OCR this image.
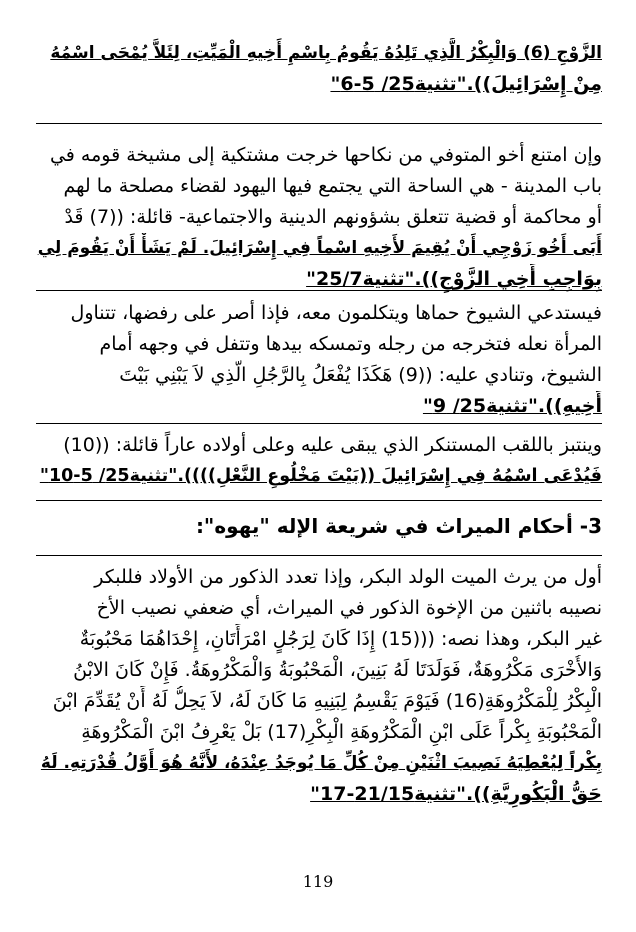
الزَّوْجِ (6) وَالْبِكْرُ الَّذِي تَلِدُهُ يَقُومُ بِاسْمِ أَخِيهِ الْمَيِّتِ، لِئَلاَّ يُمْحَى اسْمُهُ
مِنْ إِسْرَائِيلَ))."تثنية25/ 5-6"
وإن امتنع أخو المتوفي من نكاحها خرجت مشتكية إلى مشيخة قومه في
باب المدينة - هي الساحة التي يجتمع فيها اليهود لقضاء مصلحة ما لهم
أو محاكمة أو قضية تتعلق بشؤونهم الدينية والاجتماعية- قائلة: ((7) قَدْ
أَبَى أَخُو زَوْجِي أَنْ يُقِيمَ لأَخِيهِ اسْماً فِي إِسْرَائِيلَ. لَمْ يَشَأْ أَنْ يَقُومَ لِي
بِوَاجِبِ أَخِي الزَّوْجِ))."تثنية25/7"
فيستدعي الشيوخ حماها ويتكلمون معه، فإذا أصر على رفضها، تتناول
المرأة نعله فتخرجه من رجله وتمسكه بيدها وتتفل في وجهه أمام
الشيوخ، وتنادي عليه: ((9) هَكَذَا يُفْعَلُ بِالرَّجُلِ الَّذِي لاَ يَبْنِي بَيْتَ
أَخِيهِ))."تثنية25/ 9"
وينتبز باللقب المستنكر الذي يبقى عليه وعلى أولاده عاراً قائلة: ((10)
فَيُدْعَى اسْمُهُ فِي إِسْرَائِيلَ ((بَيْتَ مَخْلُوعِ النَّعْلِ))))."تثنية25/ 5-10"
3- أحكام الميراث في شريعة الإله "يهوه":
أول من يرث الميت الولد البكر، وإذا تعدد الذكور من الأولاد فللبكر
نصيبه باثنين من الإخوة الذكور في الميراث، أي ضعفي نصيب الأخ
غير البكر، وهذا نصه: (((15) إِذَا كَانَ لِرَجُلٍ امْرَأَتَانِ، إِحْدَاهُمَا مَحْبُوبَةٌ
وَالأُخْرَى مَكْرُوهَةٌ، فَوَلَدَتَا لَهُ بَنِينَ، الْمَحْبُوبَةُ وَالْمَكْرُوهَةُ. فَإِنْ كَانَ الابْنُ
الْبِكْرُ لِلْمَكْرُوهَةِ(16) فَيَوْمَ يَقْسِمُ لِبَنِيهِ مَا كَانَ لَهُ، لاَ يَحِلُّ لَهُ أَنْ يُقَدِّمَ ابْنَ
الْمَحْبُوبَةِ بِكْراً عَلَى ابْنِ الْمَكْرُوهَةِ الْبِكْرِ(17) بَلْ يَعْرِفُ ابْنَ الْمَكْرُوهَةِ
بِكْراً لِيُعْطِيَهُ نَصِيبَ اثْنَيْنِ مِنْ كُلِّ مَا يُوجَدُ عِنْدَهُ، لأَنَّهُ هُوَ أَوَّلُ قُدْرَتِهِ. لَهُ
حَقُّ الْبَكُورِيَّةِ))."تثنية21/15-17"
119
